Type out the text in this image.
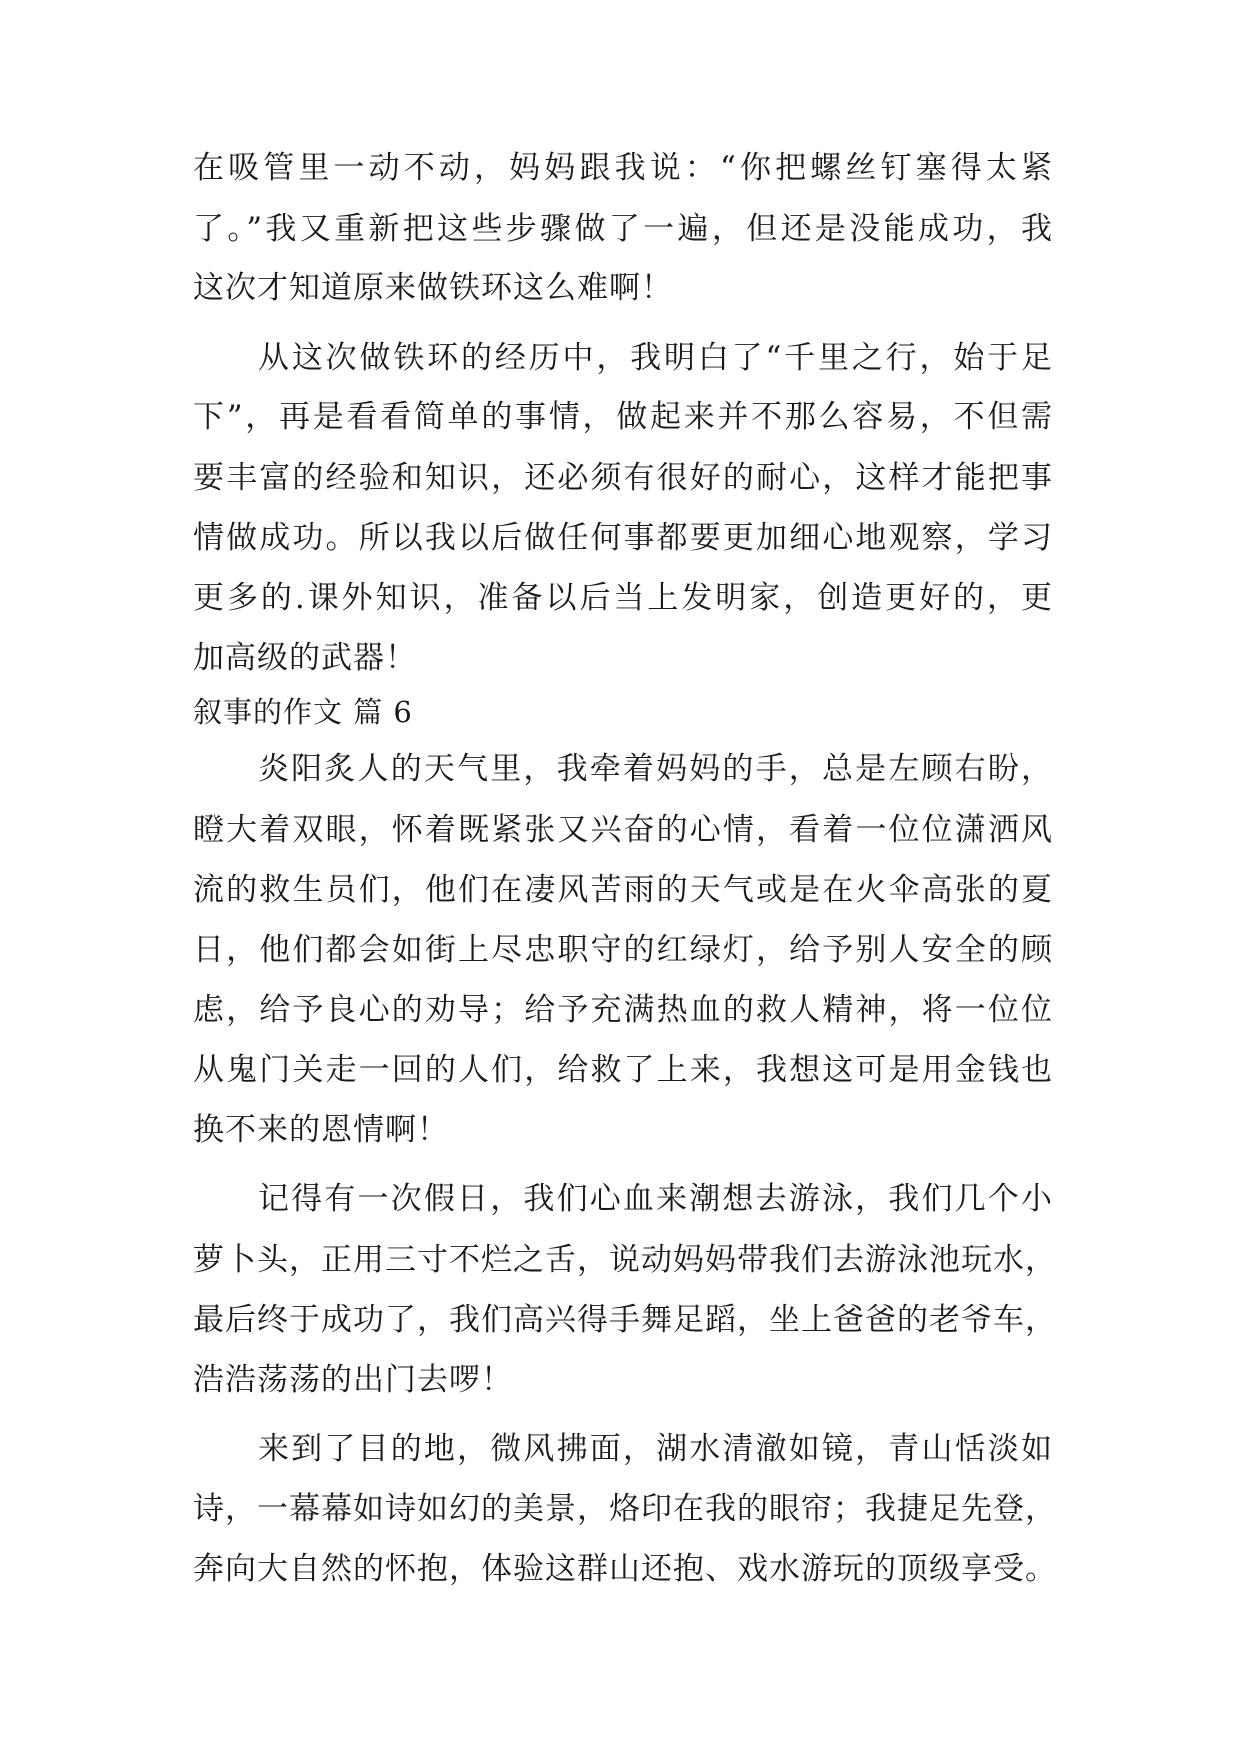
在吸管里一动不动，妈妈跟我说：“你把螺丝钉塞得太紧
了。”我又重新把这些步骤做了一遍，但还是没能成功，我
这次才知道原来做铁环这么难啊！
从这次做铁环的经历中，我明白了“千里之行，始于足
下”，再是看看简单的事情，做起来并不那么容易，不但需
要丰富的经验和知识，还必须有很好的耐心，这样才能把事
情做成功。所以我以后做任何事都要更加细心地观察，学习
更多的.课外知识，准备以后当上发明家，创造更好的，更
加高级的武器！
叙事的作文 篇 6
炎阳炙人的天气里，我牵着妈妈的手，总是左顾右盼，
瞪大着双眼，怀着既紧张又兴奋的心情，看着一位位潇洒风
流的救生员们，他们在凄风苦雨的天气或是在火伞高张的夏
日，他们都会如街上尽忠职守的红绿灯，给予别人安全的顾
虑，给予良心的劝导；给予充满热血的救人精神，将一位位
从鬼门关走一回的人们，给救了上来，我想这可是用金钱也
换不来的恩情啊！
记得有一次假日，我们心血来潮想去游泳，我们几个小
萝卜头，正用三寸不烂之舌，说动妈妈带我们去游泳池玩水，
最后终于成功了，我们高兴得手舞足蹈，坐上爸爸的老爷车，
浩浩荡荡的出门去啰！
来到了目的地，微风拂面，湖水清澈如镜，青山恬淡如
诗，一幕幕如诗如幻的美景，烙印在我的眼帘；我捷足先登，
奔向大自然的怀抱，体验这群山还抱、戏水游玩的顶级享受。
